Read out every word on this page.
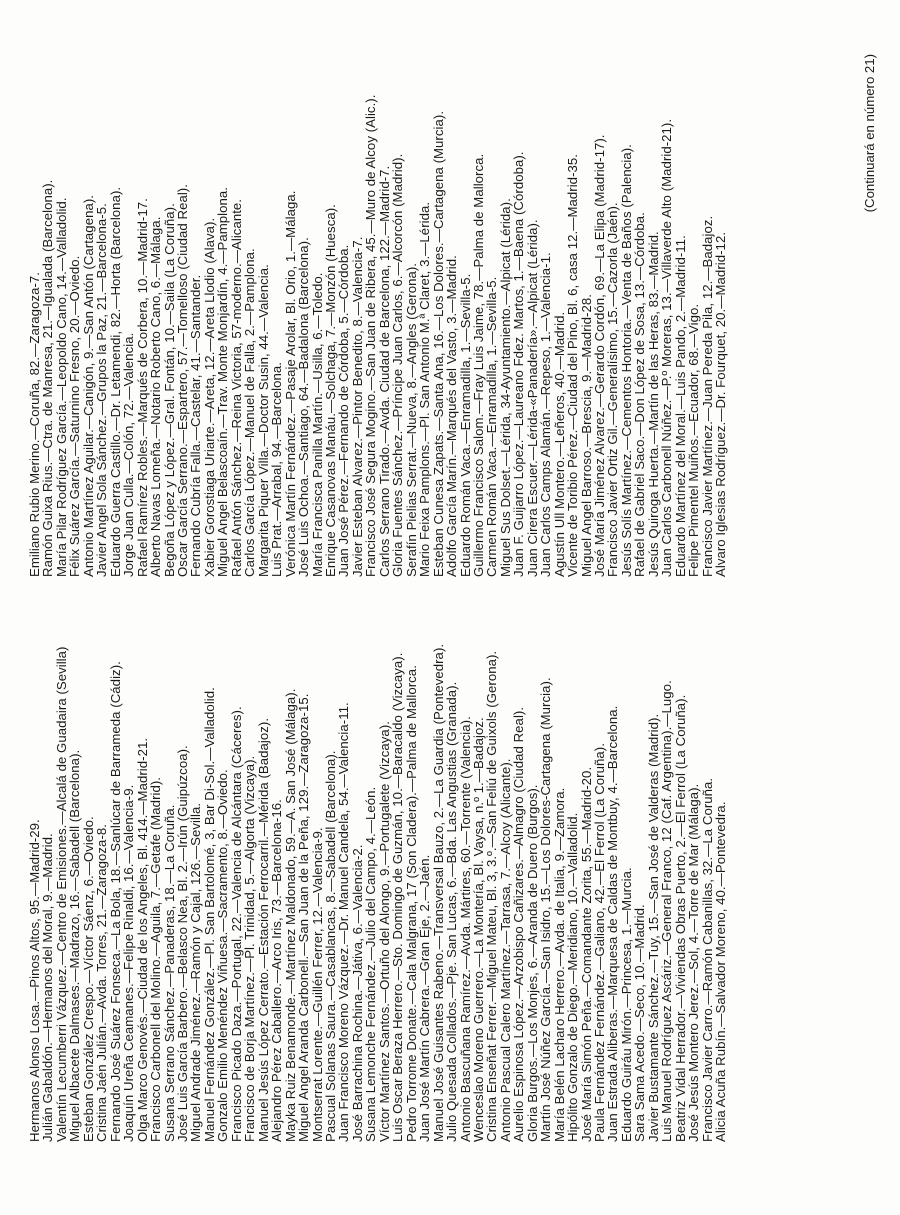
Hermanos Alonso Losa.—Pinos Altos, 95.—Madrid-29.
Julián Gabaldón.—Hermanos del Moral, 9.—Madrid.
Valentín Lecumberri Vázquez.—Centro de Emisiones.—Alcalá de Guadaira (Sevilla)
Miguel Albacete Dalmases.—Madrazo, 16.—Sabadell (Barcelona).
Esteban González Crespo.—Víctor Sáenz, 6.—Oviedo.
Cristina Jaén Julián.—Avda. Torres, 21.—Zaragoza-8.
Fernando José Suárez Fonseca.—La Bola, 18.—Sanlúcar de Barrameda (Cádiz).
Joaquín Ureña Ceamanes.—Felipe Rinaldi, 16.—Valencia-9.
Olga Marco Genovés.—Ciudad de los Angeles, Bl. 414.—Madrid-21.
Francisco Carbonell del Molino.—Aguila, 7.—Getafe (Madrid).
Susana Serrano Sánchez.—Panaderas, 18.—La Coruña.
José Luis García Barbero.—Belasco Nea, Bl. 2.—Irún (Guipúzcoa).
Miguel Andrade Jiménez.—Ramón y Cajal, 126.—Sevilla.
Manuel Fernández González.—Pl. San Bartolomé, 3, Bar Di-Sol.—Valladolid.
Gonzalo Emilio Menéndez Viñuesa.—Sacramento, 8.—Oviedo.
Francisco Picado Daza.—Portugal, 22.—Valencia de Alcántara (Cáceres).
Francisco de Borja Martínez.—Pl. Trinidad, 5.—Algorta (Vizcaya).
Manuel Jesús López Cerrato.—Estación Ferrocarril.—Mérida (Badajoz).
Alejandro Pérez Caballero.—Arco Iris, 73.—Barcelona-16.
Mayka Ruiz Benamonde.—Martínez Maldonado, 59.—A. San José (Málaga).
Miguel Angel Aranda Carbonell.—San Juan de la Peña, 129.—Zaragoza-15.
Montserrat Lorente.—Guillén Ferrer, 12.—Valencia-9.
Pascual Solanas Saura.—Casablancas, 8.—Sabadell (Barcelona).
Juan Francisco Moreno Vázquez.—Dr. Manuel Candela, 54.—Valencia-11.
José Barrachina Rochina.—Játiva, 6.—Valencia-2.
Susana Lemonche Fernández.—Julio del Campo, 4.—León.
Víctor Martínez Santos.—Ortuño del Alongo, 9.—Portugalete (Vizcaya).
Luis Oscar Beraza Herrero.—Sto. Domingo de Guzmán, 10.—Baracaldo (Vizcaya).
Pedro Torrome Donate.—Cala Malgrana, 17 (Son Cladera).—Palma de Mallorca.
Juan José Martín Cabrera.—Gran Eje, 2.—Jaén.
Manuel José Guisantes Rabeno.—Transversal Bauzo, 2.—La Guardia (Pontevedra).
Julio Quesada Collados.—Pje. San Lucas, 6.—Bda. Las Angustias (Granada).
Antonio Bascuñana Ramírez.—Avda. Mártires, 60.—Torrente (Valencia).
Wenceslao Moreno Guerrero.—La Montería, Bl. Vaysa, n.º 1.—Badajoz.
Cristina Enseñat Ferrer.—Miguel Mateu, Bl. 3, 3.º.—San Feliú de Guixols (Gerona).
Antonio Pascual Calero Martínez.—Tarrasa, 7.—Alcoy (Alicante).
Aurelio Espinosa López.—Arzobispo Cañizares.—Almagro (Ciudad Real).
Gloria Burgos.—Los Monjes, 6.—Aranda de Duero (Burgos).
Martín José Núñez García.—San Isidro, 15.—Los Dolores-Cartagena (Murcia).
María Belén Lacharo Herrero.—Avda. de Italia, 9.—Zamora.
Hipólito Gonzalo de Diego.—Meridiano, 10.—Valladolid.
José María Simón Peña.—Comandante Zorita, 55.—Madrid-20.
Paula Fernández Fernández.—Galiano, 42.—El Ferrol (La Coruña).
Juan Estrada Aliberas.—Marquesa de Caldas de Montbuy, 4.—Barcelona.
Eduardo Guiráu Mirón.—Princesa, 1.—Murcia.
Sara Sama Acedo.—Seco, 10.—Madrid.
Javier Bustamante Sánchez.—Tuy, 15.—San José de Valderas (Madrid).
Luis Manuel Rodríguez Ascáriz.—General Franco, 12 (Caf. Argentina).—Lugo.
Beatriz Vidal Herrador.—Viviendas Obras Puerto, 2.—El Ferrol (La Coruña).
José Jesús Montero Jerez.—Sol, 4.—Torre de Mar (Málaga).
Francisco Javier Carro.—Ramón Cabanillas, 32.—La Coruña.
Alicia Acuña Rubín.—Salvador Moreno, 40.—Pontevedra.
Emiliano Rubio Merino.—Coruña, 82.—Zaragoza-7.
Ramón Guixa Rius.—Ctra. de Manresa, 21.—Igualada (Barcelona).
María Pilar Rodríguez García.—Leopoldo Cano, 14.—Valladolid.
Félix Suárez García.—Saturnino Fresno, 20.—Oviedo.
Antonio Martínez Aguilar.—Canigón, 9.—San Antón (Cartagena).
Javier Angel Sola Sánchez.—Grupos la Paz, 21.—Barcelona-5.
Eduardo Guerra Castillo.—Dr. Letamendi, 82.—Horta (Barcelona).
Jorge Juan Culla.—Colón, 72.—Valencia.
Rafael Ramírez Robles.—Marqués de Corbera, 10.—Madrid-17.
Alberto Navas Lomeña.—Notario Roberto Cano, 6.—Málaga.
Begoña López y López.—Gral. Fontán, 10.—Saila (La Coruña).
Oscar García Serrano.—Espartero, 57.—Tomelloso (Ciudad Real).
Fernando Cubría Falla.—Castelar, 41.—Santander.
Xabier Gorostiaga Uriarte.—Areta, 12.—Areta Llodio (Alava).
Miguel Angel Belascoaín.—Trav. Monte Monjardín, 4.—Pamplona.
Rafael Antón Sánchez.—Reina Victoria, 57-moderno.—Alicante.
Carlos García López.—Manuel de Falla, 2.—Pamplona.
Margarita Piquer Villa.—Doctor Susin, 44.—Valencia.
Luis Prat.—Arrabal, 94.—Barcelona.
Verónica Martín Fernández.—Pasaje Arolar, Bl. Orio, 1.—Málaga.
José Luis Ochoa.—Santiago, 64.—Badalona (Barcelona).
María Francisca Panilla Martín.—Usilla, 6.—Toledo.
Enrique Casanovas Manáu.—Solchaga, 7.—Monzón (Huesca).
Juan José Pérez.—Fernando de Córdoba, 5.—Córdoba.
Javier Esteban Alvarez.—Pintor Benedito, 8.—Valencia-7.
Francisco José Segura Mogino.—San Juan de Ribera, 45.—Muro de Alcoy (Alic.).
Carlos Serrano Tirado.—Avda. Ciudad de Barcelona, 122.—Madrid-7.
Gloria Fuentes Sánchez.—Príncipe Juan Carlos, 6.—Alcorcón (Madrid).
Serafín Pielias Serrat.—Nueva, 8.—Angles (Gerona).
Mario Feixa Pamplons.—Pl. San Antonio M.ª Claret, 3.—Lérida.
Esteban Cunesa Zapats.—Santa Ana, 16.—Los Dolores.—Cartagena (Murcia).
Adolfo García Marín.—Marqués del Vasto, 3.—Madrid.
Eduardo Román Vaca.—Enramadilla, 1.—Sevilla-5.
Guillermo Francisco Salom.—Fray Luis Jaime, 78.—Palma de Mallorca.
Carmen Román Vaca.—Enramadilla, 1.—Sevilla-5.
Miguel Sus Dolset.—Lérida, 34-Ayuntamiento.—Alpicat (Lérida).
Juan F. Guijarro López.—Laureano Fdez. Martos, 1.—Baena (Córdoba).
Juan Cirera Escuer.—Lérida-«Panadería».—Alpicat (Lérida).
Juan Carlos Camps Alamán.—Repeso, 1.—Valencia-1.
Agustín Ull Montero.—Leñeros, 40.—Madrid.
Vicente de Toribio Pérez.—Ciudad del Pino, Bl. 6, casa 12.—Madrid-35.
Miguel Angel Barroso.—Brescia, 9.—Madrid-28.
José María Jiménez Alvarez.—Gerardo Cordón, 69.—La Elipa (Madrid-17).
Francisco Javier Ortiz Gil.—Generalísimo, 15.—Cazorla (Jaén).
Jesús Solís Martínez.—Cementos Hontoria.—Venta de Baños (Palencia).
Rafael de Gabriel Saco.—Don López de Sosa, 13.—Córdoba.
Jesús Quiroga Huerta.—Martín de las Heras, 83.—Madrid.
Juan Carlos Carbonell Núñez.—P.º Moreras, 13.—Villaverde Alto (Madrid-21).
Eduardo Martínez del Moral.—Luis Pando, 2.—Madrid-11.
Felipe Pimentel Muiños.—Ecuador, 68.—Vigo.
Francisco Javier Martínez.—Juan Pereda Pila, 12.—Badajoz.
Alvaro Iglesias Rodríguez.—Dr. Fourquet, 20.—Madrid-12.
(Continuará en número 21)
